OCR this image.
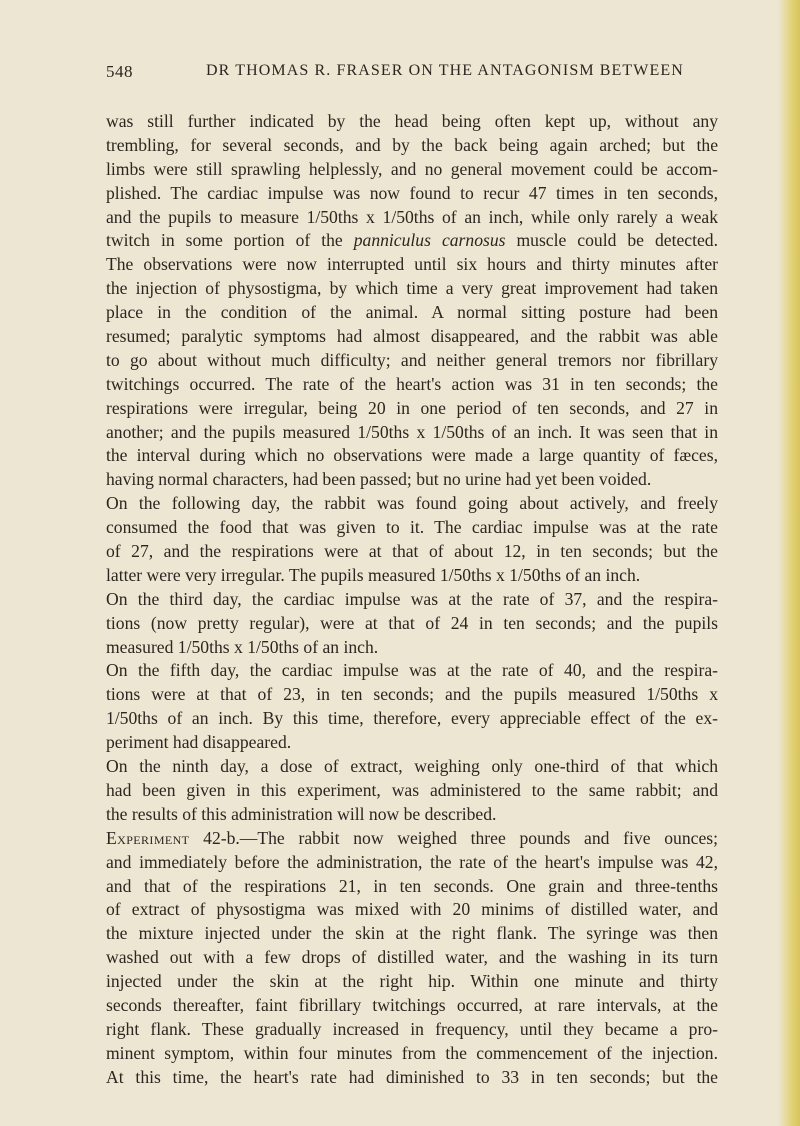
548	DR THOMAS R. FRASER ON THE ANTAGONISM BETWEEN
was still further indicated by the head being often kept up, without any
trembling, for several seconds, and by the back being again arched; but the
limbs were still sprawling helplessly, and no general movement could be accom-
plished. The cardiac impulse was now found to recur 47 times in ten seconds,
and the pupils to measure 1/50ths x 1/50ths of an inch, while only rarely a weak
twitch in some portion of the panniculus carnosus muscle could be detected.
The observations were now interrupted until six hours and thirty minutes after
the injection of physostigma, by which time a very great improvement had taken
place in the condition of the animal. A normal sitting posture had been
resumed; paralytic symptoms had almost disappeared, and the rabbit was able
to go about without much difficulty; and neither general tremors nor fibrillary
twitchings occurred. The rate of the heart's action was 31 in ten seconds; the
respirations were irregular, being 20 in one period of ten seconds, and 27 in
another; and the pupils measured 1/50ths x 1/50ths of an inch. It was seen that in
the interval during which no observations were made a large quantity of fæces,
having normal characters, had been passed; but no urine had yet been voided.
On the following day, the rabbit was found going about actively, and freely
consumed the food that was given to it. The cardiac impulse was at the rate
of 27, and the respirations were at that of about 12, in ten seconds; but the
latter were very irregular. The pupils measured 1/50ths x 1/50ths of an inch.
On the third day, the cardiac impulse was at the rate of 37, and the respira-
tions (now pretty regular), were at that of 24 in ten seconds; and the pupils
measured 1/50ths x 1/50ths of an inch.
On the fifth day, the cardiac impulse was at the rate of 40, and the respira-
tions were at that of 23, in ten seconds; and the pupils measured 1/50ths x
1/50ths of an inch. By this time, therefore, every appreciable effect of the ex-
periment had disappeared.
On the ninth day, a dose of extract, weighing only one-third of that which
had been given in this experiment, was administered to the same rabbit; and
the results of this administration will now be described.
Experiment 42-b.—The rabbit now weighed three pounds and five ounces;
and immediately before the administration, the rate of the heart's impulse was 42,
and that of the respirations 21, in ten seconds. One grain and three-tenths
of extract of physostigma was mixed with 20 minims of distilled water, and
the mixture injected under the skin at the right flank. The syringe was then
washed out with a few drops of distilled water, and the washing in its turn
injected under the skin at the right hip. Within one minute and thirty
seconds thereafter, faint fibrillary twitchings occurred, at rare intervals, at the
right flank. These gradually increased in frequency, until they became a pro-
minent symptom, within four minutes from the commencement of the injection.
At this time, the heart's rate had diminished to 33 in ten seconds; but the
